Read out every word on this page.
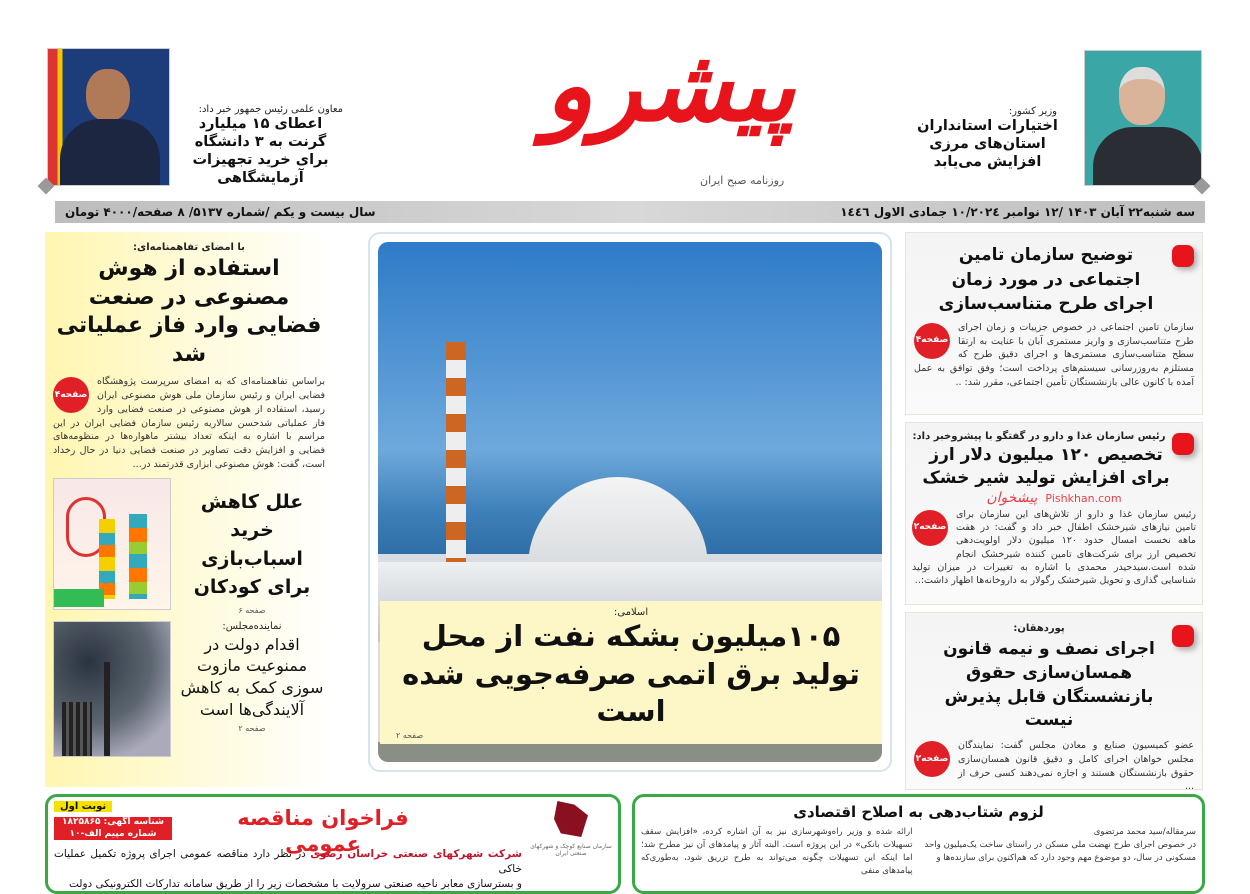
معاون علمی رئیس جمهور خبر داد:
اعطای ۱۵ میلیارد گرنت به ۳ دانشگاه برای خرید تجهیزات آزمایشگاهی
پیشرو
روزنامه صبح ایران
وزیر کشور:
اختیارات استانداران استان‌های مرزی افزایش می‌یابد
سه شنبه۲۲ آبان ۱۴۰۳ /۱۲ نوامبر ۱۰/۲۰۲٤ جمادی الاول ۱٤٤٦
سال بیست و یکم /شماره ۵۱۳۷/ ۸ صفحه/۴۰۰۰ تومان
با امضای تفاهمنامه‌ای:
استفاده از هوش مصنوعی در صنعت فضایی وارد فاز عملیاتی شد
صفحه۴
براساس تفاهمنامه‌ای که به امضای سرپرست پژوهشگاه فضایی ایران و رئیس سازمان ملی هوش مصنوعی ایران رسید، استفاده از هوش مصنوعی در صنعت فضایی وارد فاز عملیاتی شدحسن سالاریه رئیس سازمان فضایی ایران در این مراسم با اشاره به اینکه تعداد بیشتر ماهواره‌ها در منظومه‌های فضایی و افزایش دقت تصاویر در صنعت فضایی دنیا در حال رخداد است، گفت: هوش مصنوعی ابزاری قدرتمند در...
علل کاهش خرید اسباب‌بازی برای کودکان
صفحه ۶
نماینده‌مجلس:
اقدام دولت در ممنوعیت مازوت سوزی کمک به کاهش آلایندگی‌ها است
صفحه ۲
اسلامی:
۱۰۵میلیون بشکه نفت از محل تولید برق اتمی صرفه‌جویی شده است
صفحه ۲
توضیح سازمان تامین اجتماعی در مورد زمان اجرای طرح متناسب‌سازی
صفحه۴
سازمان تامین اجتماعی در خصوص جزییات و زمان اجرای طرح متناسب‌سازی و واریز مستمری آبان با عنایت به ارتقا سطح متناسب‌سازی مستمری‌ها و اجرای دقیق طرح که مستلزم به‌روزرسانی سیستم‌های پرداخت است؛ وفق توافق به عمل آمده با کانون عالی بازنشستگان تأمین اجتماعی، مقرر شد: ..
رئیس سازمان غذا و دارو در گفتگو با پیشروخبر داد:
تخصیص ۱۲۰ میلیون دلار ارز برای افزایش تولید شیر خشک
پیشخوان Pishkhan.com
صفحه۲
رئیس سازمان غذا و دارو از تلاش‌های این سازمان برای تامین نیازهای شیرخشک اطفال خبر داد و گفت: در هفت ماهه نخست امسال حدود ۱۲۰ میلیون دلار اولویت‌دهی تخصیص ارز برای شرکت‌های تامین کننده شیرخشک انجام شده است.سیدحیدر محمدی با اشاره به تغییرات در میزان تولید شناسایی گذاری و تحویل شیرخشک رگولار به داروخانه‌ها اظهار داشت:..
پوردهقان:
اجرای نصف و نیمه قانون همسان‌سازی حقوق بازنشستگان قابل پذیرش نیست
صفحه۲
عضو کمیسیون صنایع و معادن مجلس گفت: نمایندگان مجلس خواهان اجرای کامل و دقیق قانون همسان‌سازی حقوق بازنشستگان هستند و اجازه نمی‌دهند کسی حرف از ...
نوبت اول
شناسه آگهی: ۱۸۲۵۸۶۵
شماره مپیم الف-۱۰
فراخوان مناقصه عمومی	سازمان صنایع کوچک و شهرکهای صنعتی ایران
شرکت شهرکهای صنعتی خراسان رضوی در نظر دارد مناقصه عمومی اجرای پروژه تکمیل عملیات خاکی
و بسترسازی معابر ناحیه صنعتی سرولایت با مشخصات زیر را از طریق سامانه تدارکات الکترونیکی دولت
لزوم شتاب‌دهی به اصلاح اقتصادی
سرمقاله/سید محمد مرتضوی
در خصوص اجرای طرح نهضت ملی مسکن در راستای ساخت یک‌میلیون واحد مسکونی در سال، دو موضوع مهم وجود دارد که هم‌اکنون برای سازنده‌ها و
ارائه شده و وزیر راه‌وشهرسازی نیز به آن اشاره کرده، «افزایش سقف تسهیلات بانکی» در این پروژه است. البته آثار و پیامدهای آن نیز مطرح شد؛ اما اینکه این تسهیلات چگونه می‌تواند به طرح تزریق شود، به‌طوری‌که پیامدهای منفی
